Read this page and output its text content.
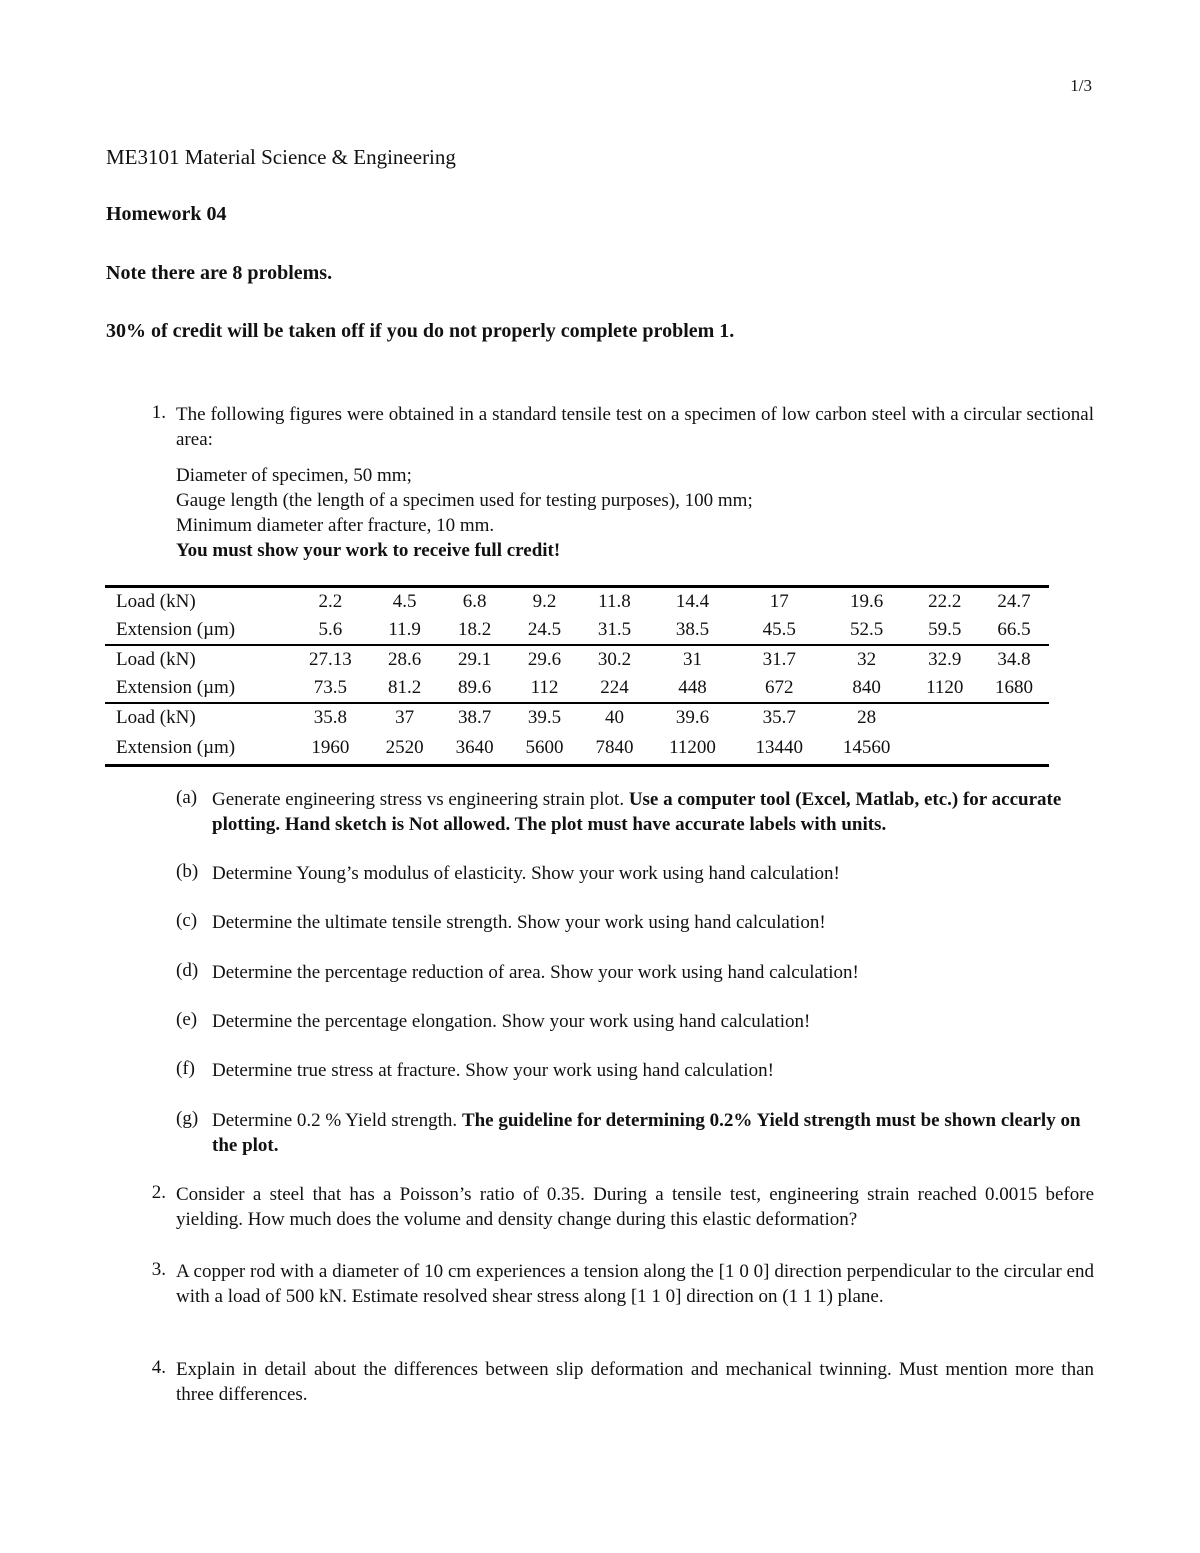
1/3
ME3101 Material Science & Engineering
Homework 04
Note there are 8 problems.
30% of credit will be taken off if you do not properly complete problem 1.
1. The following figures were obtained in a standard tensile test on a specimen of low carbon steel with a circular sectional area:
Diameter of specimen, 50 mm;
Gauge length (the length of a specimen used for testing purposes), 100 mm;
Minimum diameter after fracture, 10 mm.
You must show your work to receive full credit!
Load (kN)	2.2	4.5	6.8	9.2	11.8	14.4	17	19.6	22.2	24.7
Extension (µm)	5.6	11.9	18.2	24.5	31.5	38.5	45.5	52.5	59.5	66.5
Load (kN)	27.13	28.6	29.1	29.6	30.2	31	31.7	32	32.9	34.8
Extension (µm)	73.5	81.2	89.6	112	224	448	672	840	1120	1680
Load (kN)	35.8	37	38.7	39.5	40	39.6	35.7	28		
Extension (µm)	1960	2520	3640	5600	7840	11200	13440	14560		
(a) Generate engineering stress vs engineering strain plot. Use a computer tool (Excel, Matlab, etc.) for accurate plotting. Hand sketch is Not allowed. The plot must have accurate labels with units.
(b) Determine Young’s modulus of elasticity. Show your work using hand calculation!
(c) Determine the ultimate tensile strength. Show your work using hand calculation!
(d) Determine the percentage reduction of area. Show your work using hand calculation!
(e) Determine the percentage elongation. Show your work using hand calculation!
(f) Determine true stress at fracture. Show your work using hand calculation!
(g) Determine 0.2 % Yield strength. The guideline for determining 0.2% Yield strength must be shown clearly on the plot.
2. Consider a steel that has a Poisson’s ratio of 0.35. During a tensile test, engineering strain reached 0.0015 before yielding. How much does the volume and density change during this elastic deformation?
3. A copper rod with a diameter of 10 cm experiences a tension along the [1 0 0] direction perpendicular to the circular end with a load of 500 kN. Estimate resolved shear stress along [1 1 0] direction on (1 1 1) plane.
4. Explain in detail about the differences between slip deformation and mechanical twinning. Must mention more than three differences.
